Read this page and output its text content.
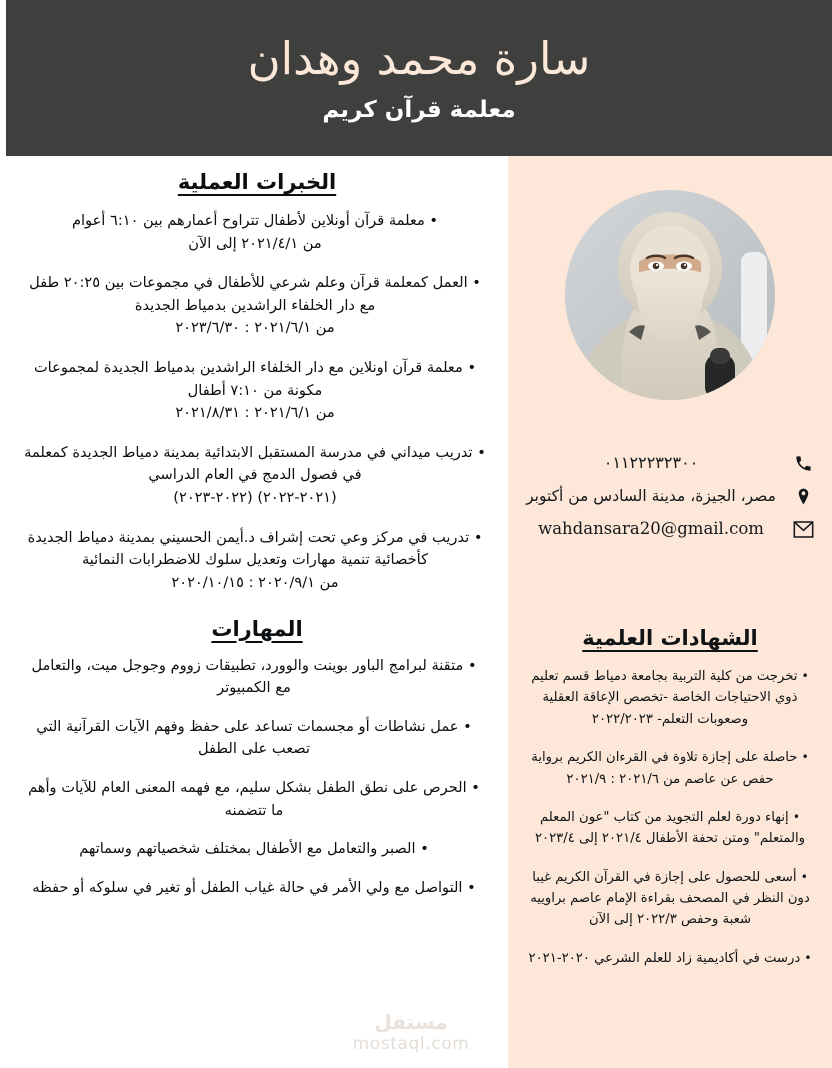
سارة محمد وهدان
معلمة قرآن كريم
٠١١٢٢٢٣٢٣٠٠
مصر، الجيزة، مدينة السادس من أكتوبر
wahdansara20@gmail.com
الشهادات العلمية
• تخرجت من كلية التربية بجامعة دمياط قسم تعليم ذوي الاحتياجات الخاصة -تخصص الإعاقة العقلية وصعوبات التعلم- ٢٠٢٢/٢٠٢٣
• حاصلة على إجازة تلاوة في القرءان الكريم برواية حفص عن عاصم من ٢٠٢١/٦ : ٢٠٢١/٩
• إنهاء دورة لعلم التجويد من كتاب "عون المعلم والمتعلم" ومتن تحفة الأطفال ٢٠٢١/٤ إلى ٢٠٢٣/٤
• أسعى للحصول على إجازة في القرآن الكريم غيبا دون النظر في المصحف بقراءة الإمام عاصم براوييه شعبة وحفص ٢٠٢٢/٣ إلى الآن
• درست في أكاديمية زاد للعلم الشرعي ٢٠٢٠-٢٠٢١
الخبرات العملية
• معلمة قرآن أونلاين لأطفال تتراوح أعمارهم بين ٦:١٠ أعوام
من ٢٠٢١/٤/١ إلى الآن
• العمل كمعلمة قرآن وعلم شرعي للأطفال في مجموعات بين ٢٠:٢٥ طفل مع دار الخلفاء الراشدين بدمياط الجديدة
من ٢٠٢١/٦/١ : ٢٠٢٣/٦/٣٠
• معلمة قرآن اونلاين مع دار الخلفاء الراشدين بدمياط الجديدة لمجموعات مكونة من ٧:١٠ أطفال
من ٢٠٢١/٦/١ : ٢٠٢١/٨/٣١
• تدريب ميداني في مدرسة المستقبل الابتدائية بمدينة دمياط الجديدة كمعلمة في فصول الدمج في العام الدراسي
(٢٠٢١-٢٠٢٢) (٢٠٢٢-٢٠٢٣)
• تدريب في مركز وعي تحت إشراف د.أيمن الحسيني بمدينة دمياط الجديدة كأخصائية تنمية مهارات وتعديل سلوك للاضطرابات النمائية
من ٢٠٢٠/٩/١ : ٢٠٢٠/١٠/١٥
المهارات
• متقنة لبرامج الباور بوينت والوورد، تطبيقات زووم وجوجل ميت، والتعامل مع الكمبيوتر
• عمل نشاطات أو مجسمات تساعد على حفظ وفهم الآيات القرآنية التي تصعب على الطفل
• الحرص على نطق الطفل بشكل سليم، مع فهمه المعنى العام للآيات وأهم ما تتضمنه
• الصبر والتعامل مع الأطفال بمختلف شخصياتهم وسماتهم
• التواصل مع ولي الأمر في حالة غياب الطفل أو تغير في سلوكه أو حفظه
مستقل
mostaql.com
